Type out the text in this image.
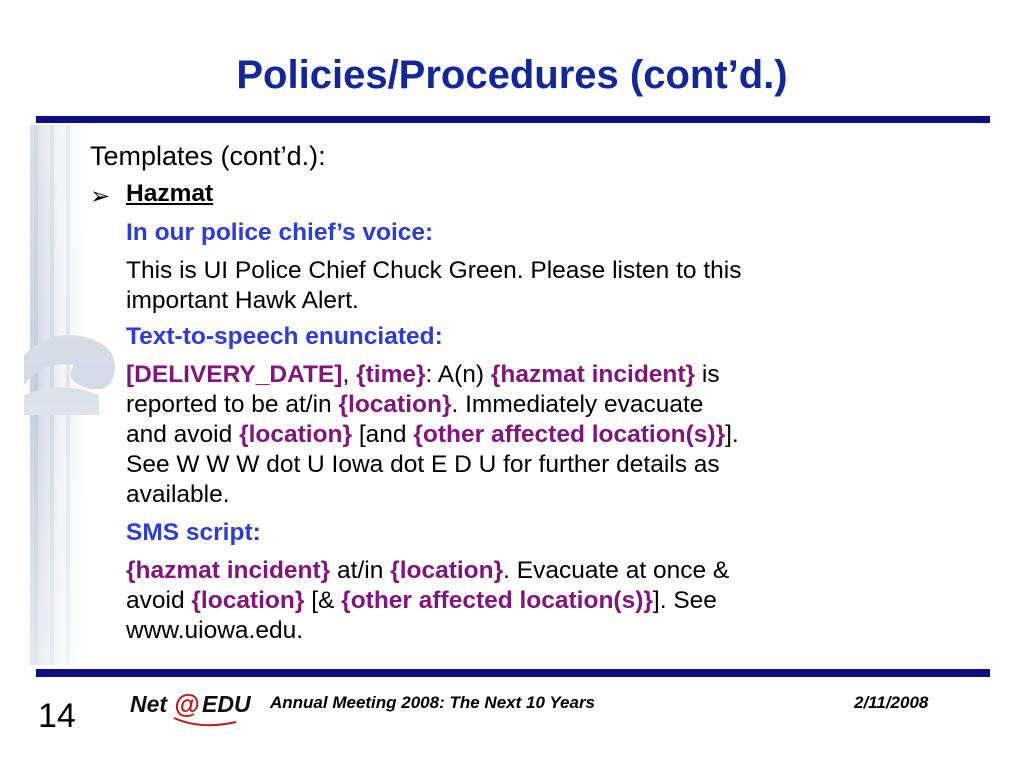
Policies/Procedures (cont’d.)

Templates (cont’d.):

➢ Hazmat
In our police chief’s voice:

This is UI Police Chief Chuck Green. Please listen to this

important Hawk Alert.

Text-to-speech enunciated:

[DELIVERY_DATE], {time}: A(n) {hazmat incident} is

reported to be at/in {location}. Immediately evacuate

and avoid {location} [and {other affected location(s)}].

See W W W dot U Iowa dot E D U for further details as

available.

SMS script:

{hazmat incident} at/in {location}. Evacuate at once &

avoid {location} [& {other affected location(s)}]. See

www.uiowa.edu.

14 Net @ EDU Annual Meeting 2008: The Next 10 Years	2/11/2008
